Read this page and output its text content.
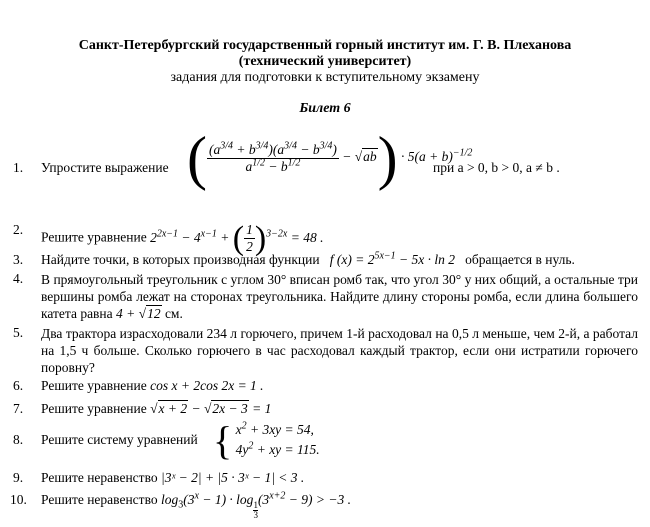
Санкт-Петербургский государственный горный институт им. Г. В. Плеханова
(технический университет)
задания для подготовки к вступительному экзамену
Билет 6
1. Упростите выражение ( $\frac{(a^{3/4} + b^{3/4})(a^{3/4} - b^{3/4})}{a^{1/2} - b^{1/2}} - √ab) \cdot 5(a + b)^{-1/2}$
при a > 0, b > 0, a ≠ b .
2.
Решите уравнение $2^{2x-1} - 4^{x-1}$ + ( $\frac{1}{2} )^{3-2x} = 48$ .
3. Найдите точки, в которых производная функции   f $(x) = 2^{5x-1} - 5x \cdot \ln 2$   обращается в нуль.
4. В прямоугольный треугольник с углом 30° вписан ромб так, что угол 30° у них общий, а остальные три вершины ромба лежат на сторонах треугольника. Найдите длину стороны ромба, если длина большего катета равна 4 + √12 см.
5. Два трактора израсходовали 234 л горючего, причем 1-й расходовал на 0,5 л меньше, чем 2-й, а работал на 1,5 ч больше. Сколько горючего в час расходовал каждый трактор, если они истратили горючего поровну?
6. Решите уравнение cos x + 2cos 2x = 1 .
7. Решите уравнение √x + 2 − √2x − 3 = 1
8. Решите систему уравнений { $x^2 + 3xy = 54$,
$4y^2$ + xy = 115.
9. Решите неравенство |3ˣ − 2| + |5 · 3ˣ − 1| < 3 .
10. Решите неравенство $\log_3(3^x - 1) \cdot \log$
$\frac{1}{3}$
$(3^{x+2} - 9) > -3$ .
